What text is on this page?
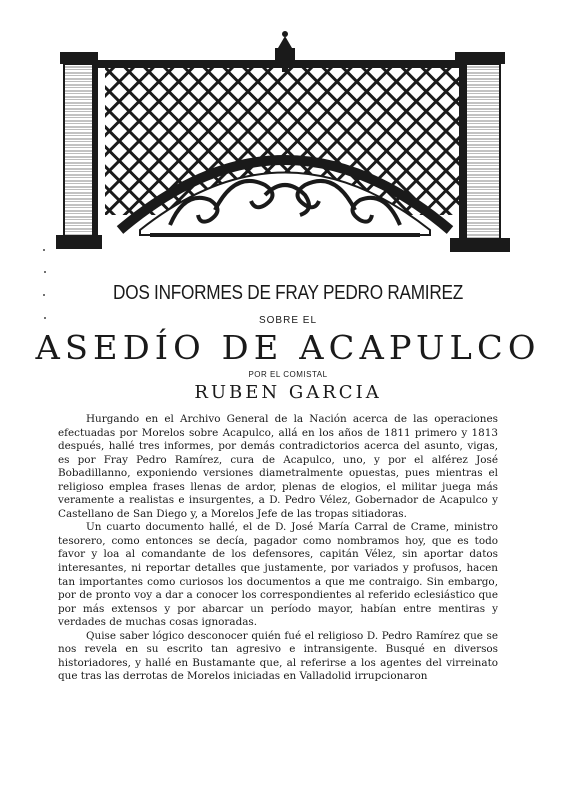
DOS INFORMES DE FRAY PEDRO RAMIREZ
SOBRE EL
ASEDÍO DE ACAPULCO
POR EL COMISTAL
RUBEN GARCIA

Hurgando en el Archivo General de la Nación acerca de las operaciones efectuadas por Morelos sobre Acapulco, allá en los años de 1811 primero y 1813 después, hallé tres informes, por demás contradictorios acerca del asunto, vigas, es por Fray Pedro Ramírez, cura de Acapulco, uno, y por el alférez José Bobadillanno, exponiendo versiones diametralmente opuestas, pues mientras el religioso emplea frases llenas de ardor, plenas de elogios, el militar juega más veramente a realistas e insurgentes, a D. Pedro Vélez, Gobernador de Acapulco y Castellano de San Diego y, a Morelos Jefe de las tropas sitiadoras.

Un cuarto documento hallé, el de D. José María Carral de Crame, ministro tesorero, como entonces se decía, pagador como nombramos hoy, que es todo favor y loa al comandante de los defensores, capitán Vélez, sin aportar datos interesantes, ni reportar detalles que justamente, por variados y profusos, hacen tan importantes como curiosos los documentos a que me contraigo. Sin embargo, por de pronto voy a dar a conocer los correspondientes al referido eclesiástico que por más extensos y por abarcar un período mayor, habían entre mentiras y verdades de muchas cosas ignoradas.

Quise saber lógico desconocer quién fué el religioso D. Pedro Ramírez que se nos revela en su escrito tan agresivo e intransigente. Busqué en diversos historiadores, y hallé en Bustamante que, al referirse a los agentes del virreinato que tras las derrotas de Morelos iniciadas en Valladolid irrupcionaron
